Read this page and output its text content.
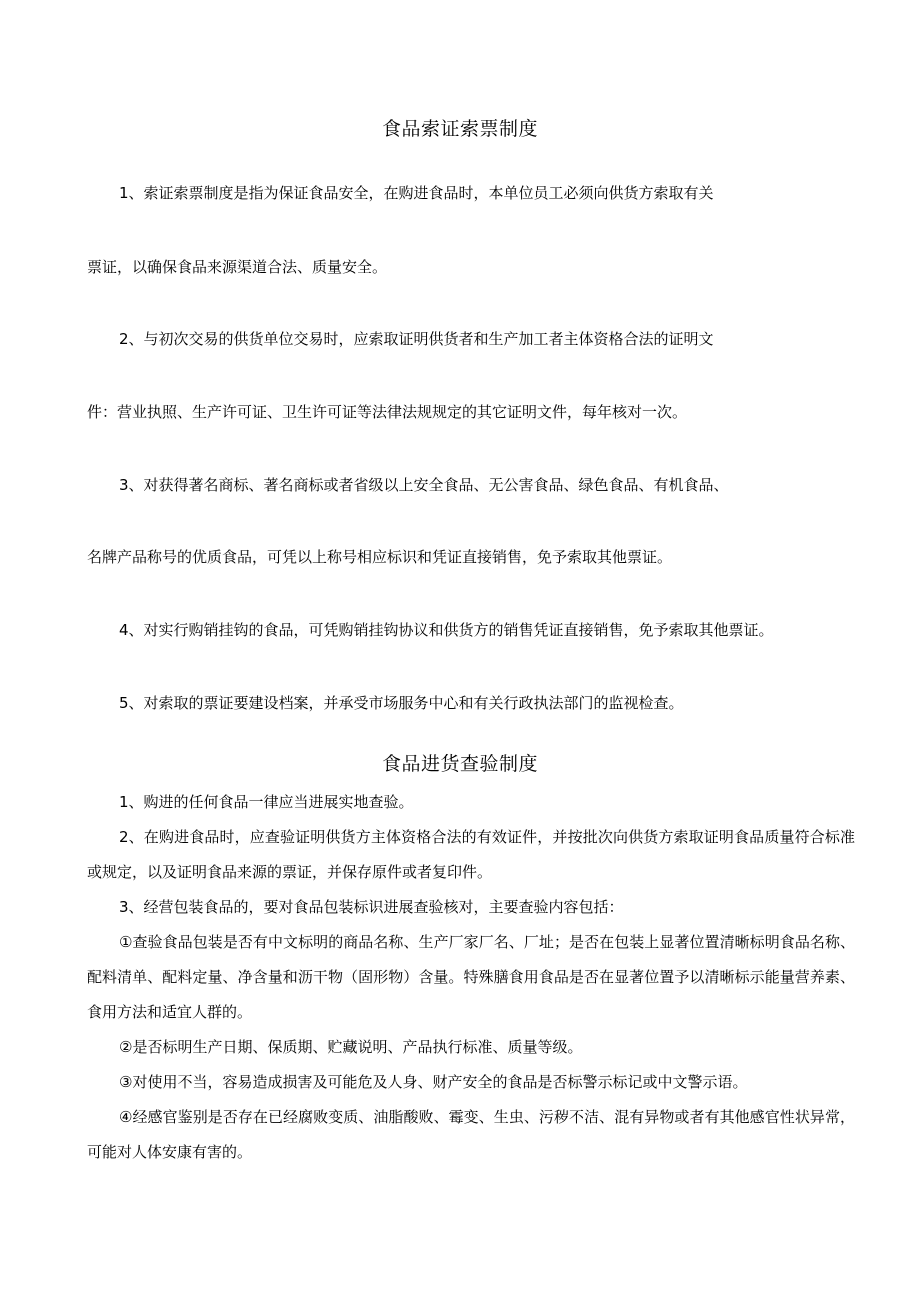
食品索证索票制度
1、索证索票制度是指为保证食品安全，在购进食品时，本单位员工必须向供货方索取有关
票证，以确保食品来源渠道合法、质量安全。
2、与初次交易的供货单位交易时，应索取证明供货者和生产加工者主体资格合法的证明文
件：营业执照、生产许可证、卫生许可证等法律法规规定的其它证明文件，每年核对一次。
3、对获得著名商标、著名商标或者省级以上安全食品、无公害食品、绿色食品、有机食品、
名牌产品称号的优质食品，可凭以上称号相应标识和凭证直接销售，免予索取其他票证。
4、对实行购销挂钩的食品，可凭购销挂钩协议和供货方的销售凭证直接销售，免予索取其他票证。
5、对索取的票证要建设档案，并承受市场服务中心和有关行政执法部门的监视检查。
食品进货查验制度
1、购进的任何食品一律应当进展实地查验。
2、在购进食品时，应查验证明供货方主体资格合法的有效证件，并按批次向供货方索取证明食品质量符合标准或规定，以及证明食品来源的票证，并保存原件或者复印件。
3、经营包装食品的，要对食品包装标识进展查验核对，主要查验内容包括：
①查验食品包装是否有中文标明的商品名称、生产厂家厂名、厂址；是否在包装上显著位置清晰标明食品名称、配料清单、配料定量、净含量和沥干物（固形物）含量。特殊膳食用食品是否在显著位置予以清晰标示能量营养素、食用方法和适宜人群的。
②是否标明生产日期、保质期、贮藏说明、产品执行标准、质量等级。
③对使用不当，容易造成损害及可能危及人身、财产安全的食品是否标警示标记或中文警示语。
④经感官鉴别是否存在已经腐败变质、油脂酸败、霉变、生虫、污秽不洁、混有异物或者有其他感官性状异常，可能对人体安康有害的。
